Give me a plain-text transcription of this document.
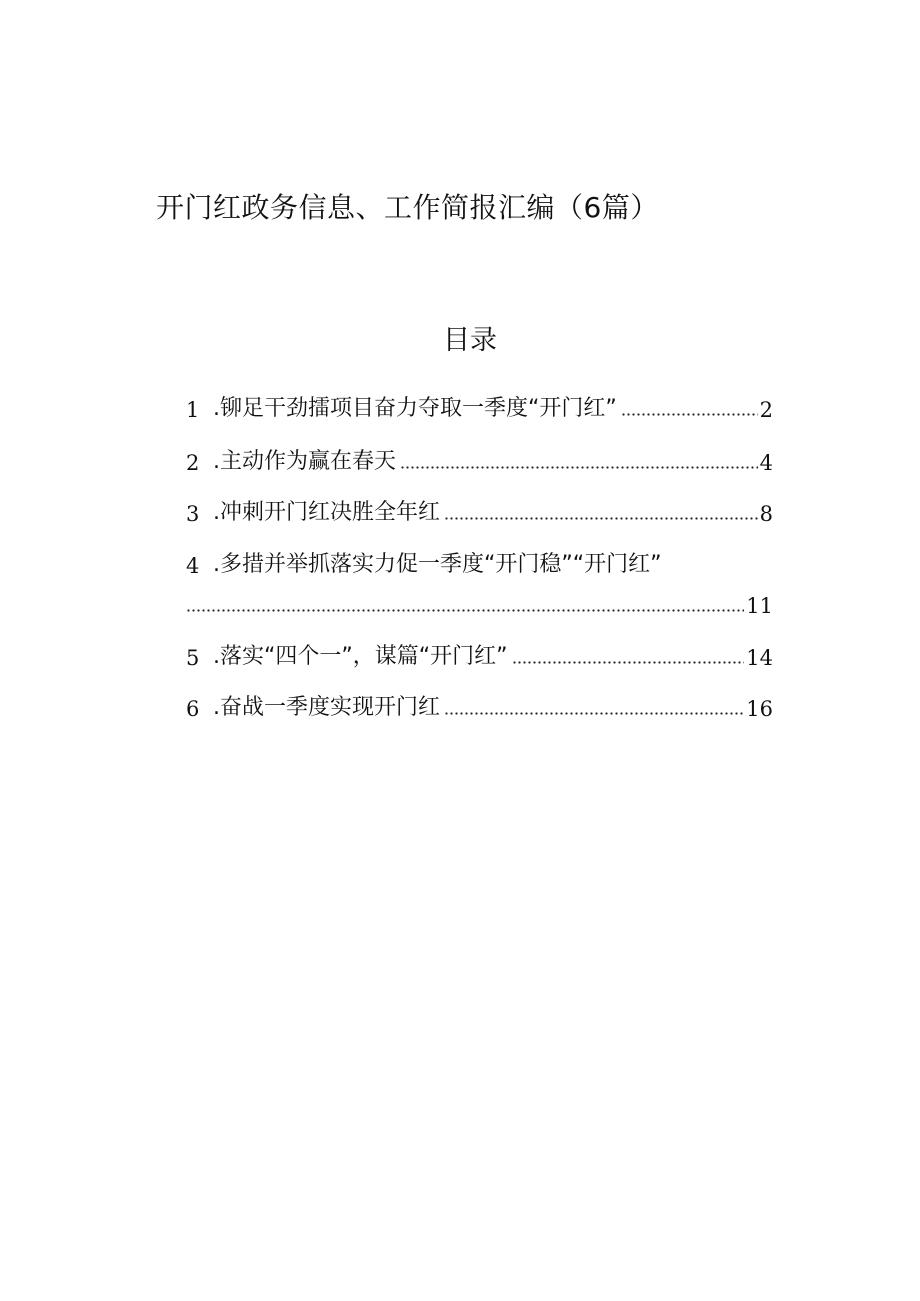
开门红政务信息、工作简报汇编（6篇）
目录
1 .铆足干劲擂项目奋力夺取一季度“开门红”	2
2 .主动作为赢在春天	4
3 .冲刺开门红决胜全年红	8
4 .多措并举抓落实力促一季度“开门稳”“开门红”
11
5 .落实“四个一”，谋篇“开门红”	14
6 .奋战一季度实现开门红	16
